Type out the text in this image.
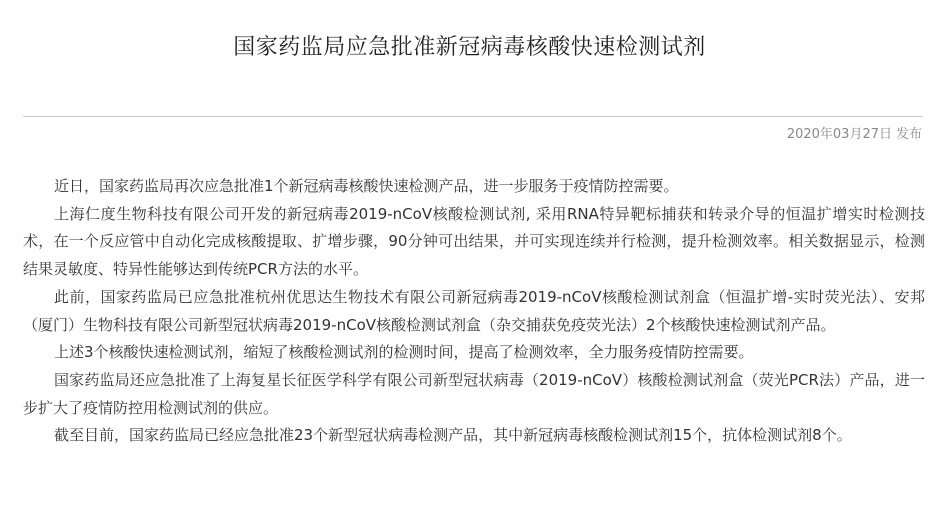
国家药监局应急批准新冠病毒核酸快速检测试剂
2020年03月27日 发布

近日，国家药监局再次应急批准1个新冠病毒核酸快速检测产品，进一步服务于疫情防控需要。

上海仁度生物科技有限公司开发的新冠病毒2019-nCoV核酸检测试剂, 采用RNA特异靶标捕获和转录介导的恒温扩增实时检测技术，在一个反应管中自动化完成核酸提取、扩增步骤，90分钟可出结果，并可实现连续并行检测，提升检测效率。相关数据显示，检测结果灵敏度、特异性能够达到传统PCR方法的水平。

此前，国家药监局已应急批准杭州优思达生物技术有限公司新冠病毒2019-nCoV核酸检测试剂盒（恒温扩增-实时荧光法）、安邦（厦门）生物科技有限公司新型冠状病毒2019-nCoV核酸检测试剂盒（杂交捕获免疫荧光法）2个核酸快速检测试剂产品。

上述3个核酸快速检测试剂，缩短了核酸检测试剂的检测时间，提高了检测效率，全力服务疫情防控需要。

国家药监局还应急批准了上海复星长征医学科学有限公司新型冠状病毒（2019-nCoV）核酸检测试剂盒（荧光PCR法）产品，进一步扩大了疫情防控用检测试剂的供应。

截至目前，国家药监局已经应急批准23个新型冠状病毒检测产品，其中新冠病毒核酸检测试剂15个，抗体检测试剂8个。
